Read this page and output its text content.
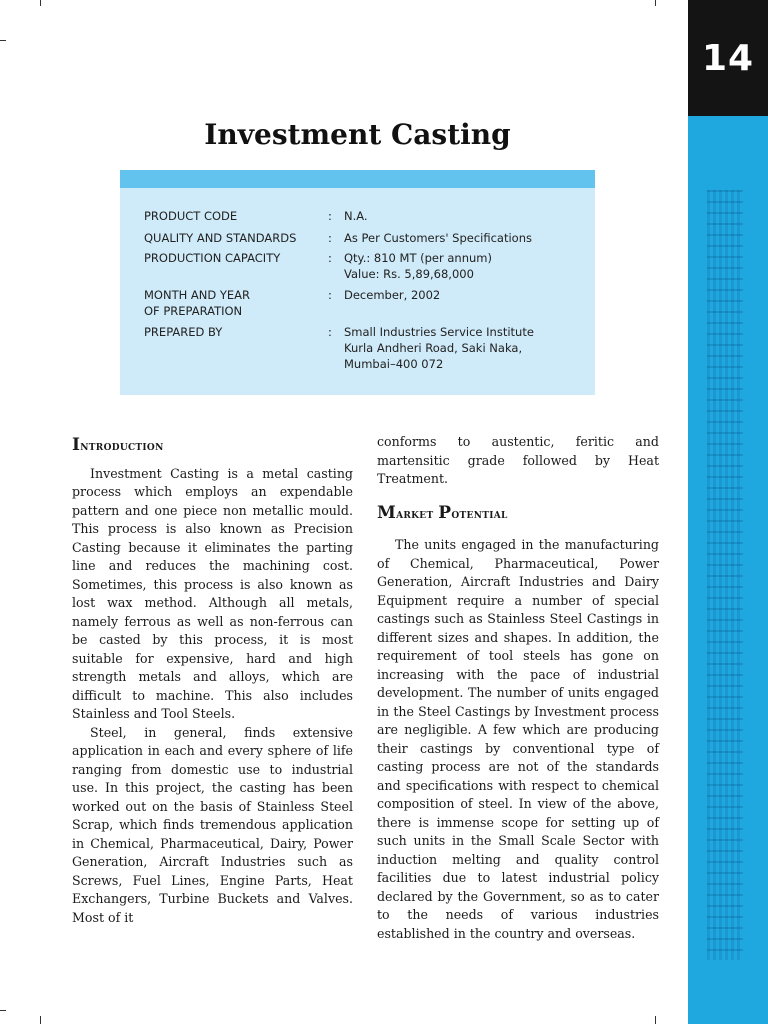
14
Investment Casting
PRODUCT CODE	: N.A.
QUALITY AND STANDARDS	: As Per Customers' Specifications
PRODUCTION CAPACITY	: Qty.: 810 MT (per annum)
Value: Rs. 5,89,68,000
MONTH AND YEAR
OF PREPARATION
: December, 2002
PREPARED BY	: Small Industries Service Institute
Kurla Andheri Road, Saki Naka,
Mumbai–400 072
Introduction

Investment Casting is a metal casting process which employs an expendable pattern and one piece non metallic mould. This process is also known as Precision Casting because it eliminates the parting line and reduces the machining cost. Sometimes, this process is also known as lost wax method. Although all metals, namely ferrous as well as non-ferrous can be casted by this process, it is most suitable for expensive, hard and high strength metals and alloys, which are difficult to machine. This also includes Stainless and Tool Steels.

Steel, in general, finds extensive application in each and every sphere of life ranging from domestic use to industrial use. In this project, the casting has been worked out on the basis of Stainless Steel Scrap, which finds tremendous application in Chemical, Pharmaceutical, Dairy, Power Generation, Aircraft Industries such as Screws, Fuel Lines, Engine Parts, Heat Exchangers, Turbine Buckets and Valves. Most of it

conforms to austentic, feritic and martensitic grade followed by Heat Treatment.

Market Potential

The units engaged in the manufacturing of Chemical, Pharmaceutical, Power Generation, Aircraft Industries and Dairy Equipment require a number of special castings such as Stainless Steel Castings in different sizes and shapes. In addition, the requirement of tool steels has gone on increasing with the pace of industrial development. The number of units engaged in the Steel Castings by Investment process are negligible. A few which are producing their castings by conventional type of casting process are not of the standards and specifications with respect to chemical composition of steel. In view of the above, there is immense scope for setting up of such units in the Small Scale Sector with induction melting and quality control facilities due to latest industrial policy declared by the Government, so as to cater to the needs of various industries established in the country and overseas.
